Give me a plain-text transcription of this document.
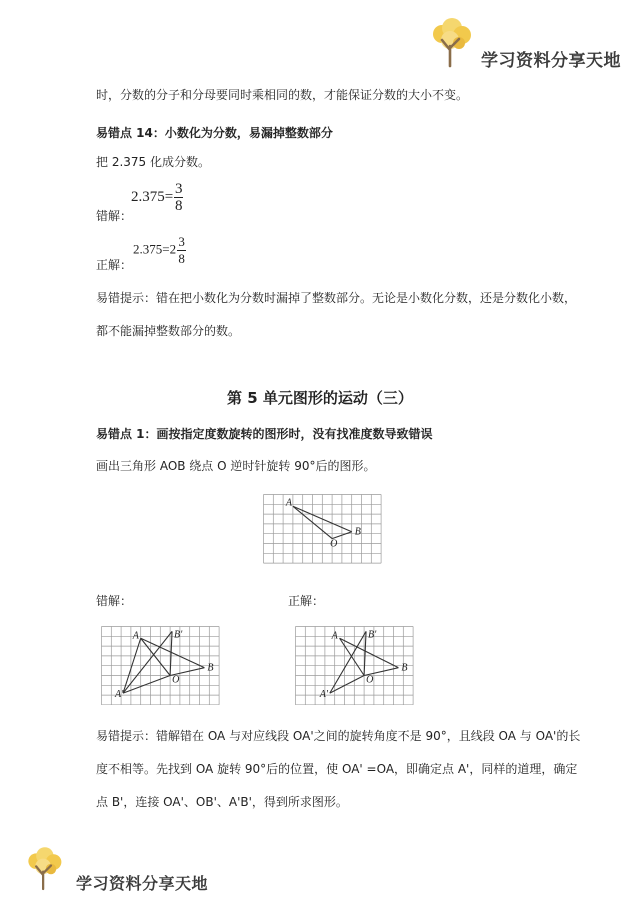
学习资料分享天地
时，分数的分子和分母要同时乘相同的数，才能保证分数的大小不变。
易错点 14：小数化为分数，易漏掉整数部分
把 2.375 化成分数。
错解：
$2.375= \frac{3}{8}$
正解：
$2.375=2 \frac{3}{8}$
易错提示：错在把小数化为分数时漏掉了整数部分。无论是小数化分数，还是分数化小数，
都不能漏掉整数部分的数。
第 5 单元图形的运动（三）
易错点 1：画按指定度数旋转的图形时，没有找准度数导致错误
画出三角形 AOB 绕点 O 逆时针旋转 90°后的图形。
A
O
B
错解：	正解：
A
O
B
A'
B'	A
O
B
A'
B'
易错提示：错解错在 OA 与对应线段 OA'之间的旋转角度不是 90°，且线段 OA 与 OA'的长
度不相等。先找到 OA 旋转 90°后的位置，使 OA' =OA，即确定点 A'，同样的道理，确定
点 B'，连接 OA'、OB'、A'B'，得到所求图形。
学习资料分享天地
